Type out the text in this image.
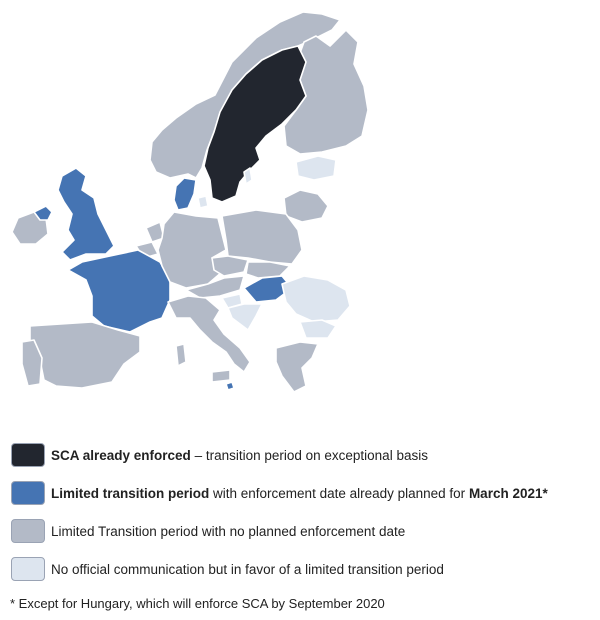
SCA already enforced – transition period on exceptional basis
Limited transition period with enforcement date already planned for March 2021*
Limited Transition period with no planned enforcement date
No official communication but in favor of a limited transition period
* Except for Hungary, which will enforce SCA by September 2020
